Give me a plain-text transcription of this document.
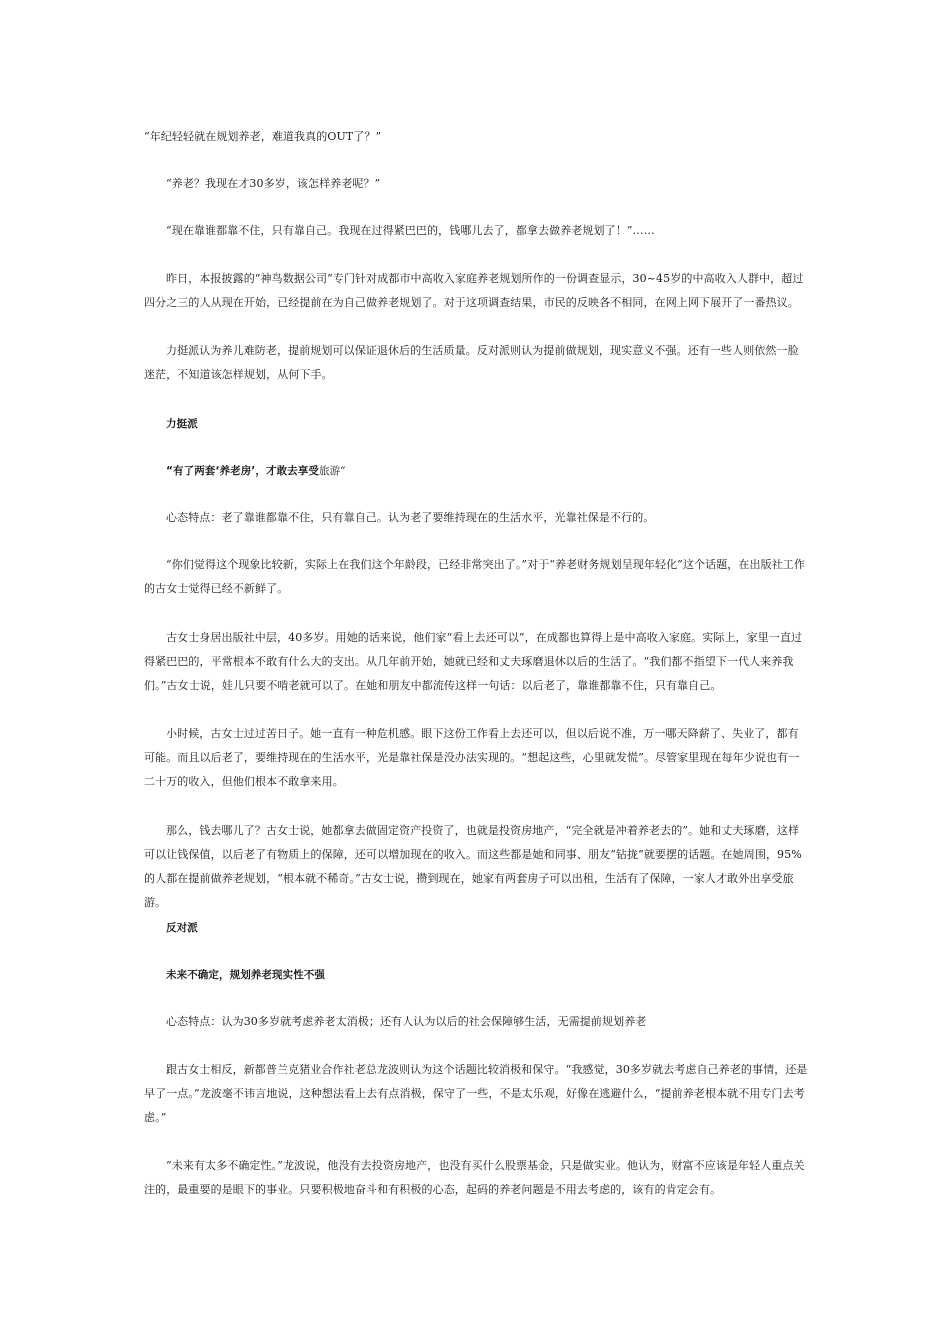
“年纪轻轻就在规划养老，难道我真的OUT了？”

“养老？我现在才30多岁，该怎样养老呢？”

“现在靠谁都靠不住，只有靠自己。我现在过得紧巴巴的，钱哪儿去了，都拿去做养老规划了！”……

昨日，本报披露的“神鸟数据公司”专门针对成都市中高收入家庭养老规划所作的一份调查显示，30~45岁的中高收入人群中，超过四分之三的人从现在开始，已经提前在为自己做养老规划了。对于这项调查结果，市民的反映各不相同，在网上网下展开了一番热议。

力挺派认为养儿难防老，提前规划可以保证退休后的生活质量。反对派则认为提前做规划，现实意义不强。还有一些人则依然一脸迷茫，不知道该怎样规划，从何下手。

力挺派

“有了两套‘养老房’，才敢去享受旅游”

心态特点：老了靠谁都靠不住，只有靠自己。认为老了要维持现在的生活水平，光靠社保是不行的。

“你们觉得这个现象比较新，实际上在我们这个年龄段，已经非常突出了。”对于“养老财务规划呈现年轻化”这个话题，在出版社工作的古女士觉得已经不新鲜了。

古女士身居出版社中层，40多岁。用她的话来说，他们家“看上去还可以”，在成都也算得上是中高收入家庭。实际上，家里一直过得紧巴巴的，平常根本不敢有什么大的支出。从几年前开始，她就已经和丈夫琢磨退休以后的生活了。“我们都不指望下一代人来养我们。”古女士说，娃儿只要不啃老就可以了。在她和朋友中都流传这样一句话：以后老了，靠谁都靠不住，只有靠自己。

小时候，古女士过过苦日子。她一直有一种危机感。眼下这份工作看上去还可以，但以后说不准，万一哪天降薪了、失业了，都有可能。而且以后老了，要维持现在的生活水平，光是靠社保是没办法实现的。“想起这些，心里就发慌”。尽管家里现在每年少说也有一二十万的收入，但他们根本不敢拿来用。

那么，钱去哪儿了？古女士说，她都拿去做固定资产投资了，也就是投资房地产，“完全就是冲着养老去的”。她和丈夫琢磨，这样可以让钱保值，以后老了有物质上的保障，还可以增加现在的收入。而这些都是她和同事、朋友“钻拢”就要摆的话题。在她周围，95%的人都在提前做养老规划，“根本就不稀奇。”古女士说，攒到现在，她家有两套房子可以出租，生活有了保障，一家人才敢外出享受旅游。

反对派

未来不确定，规划养老现实性不强

心态特点：认为30多岁就考虑养老太消极；还有人认为以后的社会保障够生活，无需提前规划养老

跟古女士相反，新都普兰克猪业合作社老总龙波则认为这个话题比较消极和保守。“我感觉，30多岁就去考虑自己养老的事情，还是早了一点。”龙波毫不讳言地说，这种想法看上去有点消极，保守了一些，不是太乐观，好像在逃避什么，“提前养老根本就不用专门去考虑。”

“未来有太多不确定性。”龙波说，他没有去投资房地产，也没有买什么股票基金，只是做实业。他认为，财富不应该是年轻人重点关注的，最重要的是眼下的事业。只要积极地奋斗和有积极的心态，起码的养老问题是不用去考虑的，该有的肯定会有。
